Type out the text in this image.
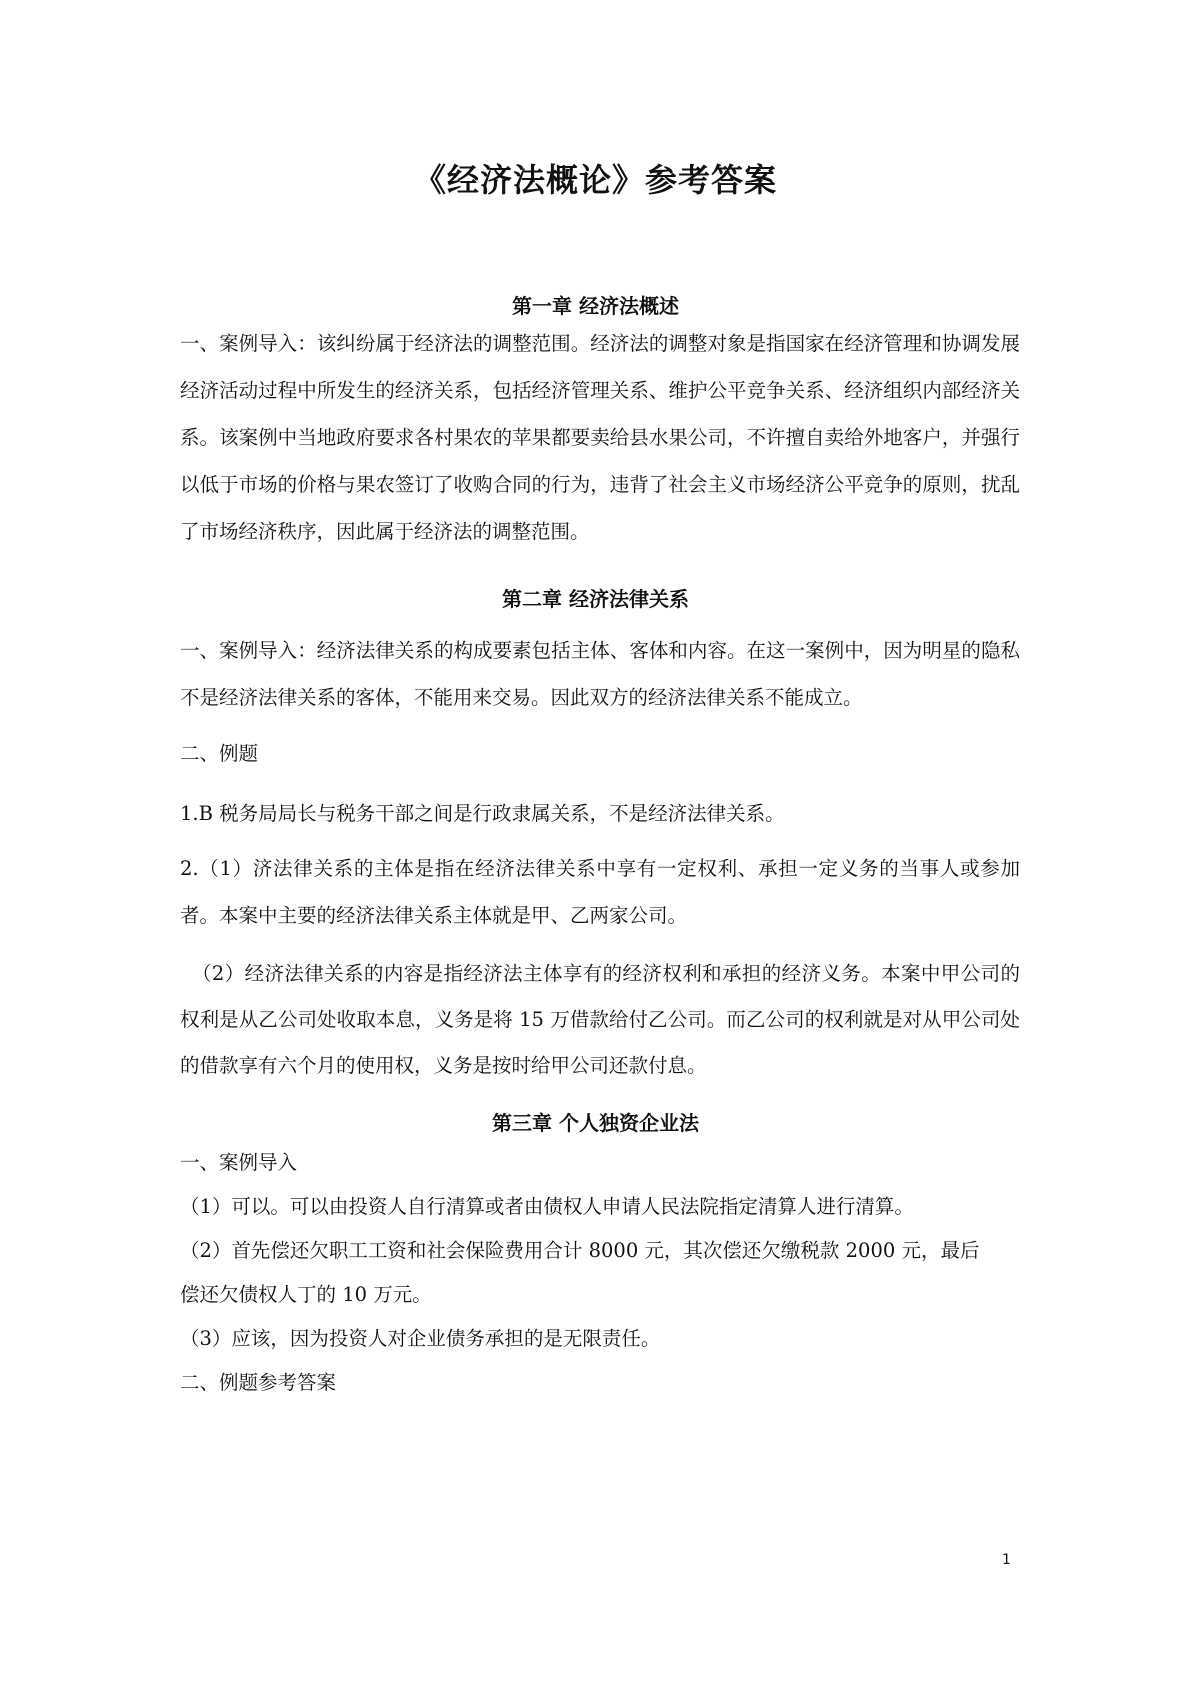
《经济法概论》参考答案
第一章 经济法概述

一、案例导入：该纠纷属于经济法的调整范围。经济法的调整对象是指国家在经济管理和协调发展经济活动过程中所发生的经济关系，包括经济管理关系、维护公平竞争关系、经济组织内部经济关系。该案例中当地政府要求各村果农的苹果都要卖给县水果公司，不许擅自卖给外地客户，并强行以低于市场的价格与果农签订了收购合同的行为，违背了社会主义市场经济公平竞争的原则，扰乱了市场经济秩序，因此属于经济法的调整范围。

第二章 经济法律关系

一、案例导入：经济法律关系的构成要素包括主体、客体和内容。在这一案例中，因为明星的隐私不是经济法律关系的客体，不能用来交易。因此双方的经济法律关系不能成立。

二、例题
1.B 税务局局长与税务干部之间是行政隶属关系，不是经济法律关系。

2.（1）济法律关系的主体是指在经济法律关系中享有一定权利、承担一定义务的当事人或参加者。本案中主要的经济法律关系主体就是甲、乙两家公司。

（2）经济法律关系的内容是指经济法主体享有的经济权利和承担的经济义务。本案中甲公司的权利是从乙公司处收取本息，义务是将 15 万借款给付乙公司。而乙公司的权利就是对从甲公司处的借款享有六个月的使用权，义务是按时给甲公司还款付息。

第三章 个人独资企业法
一、案例导入
（1）可以。可以由投资人自行清算或者由债权人申请人民法院指定清算人进行清算。
（2）首先偿还欠职工工资和社会保险费用合计 8000 元，其次偿还欠缴税款 2000 元，最后
偿还欠债权人丁的 10 万元。
（3）应该，因为投资人对企业债务承担的是无限责任。
二、例题参考答案
1
